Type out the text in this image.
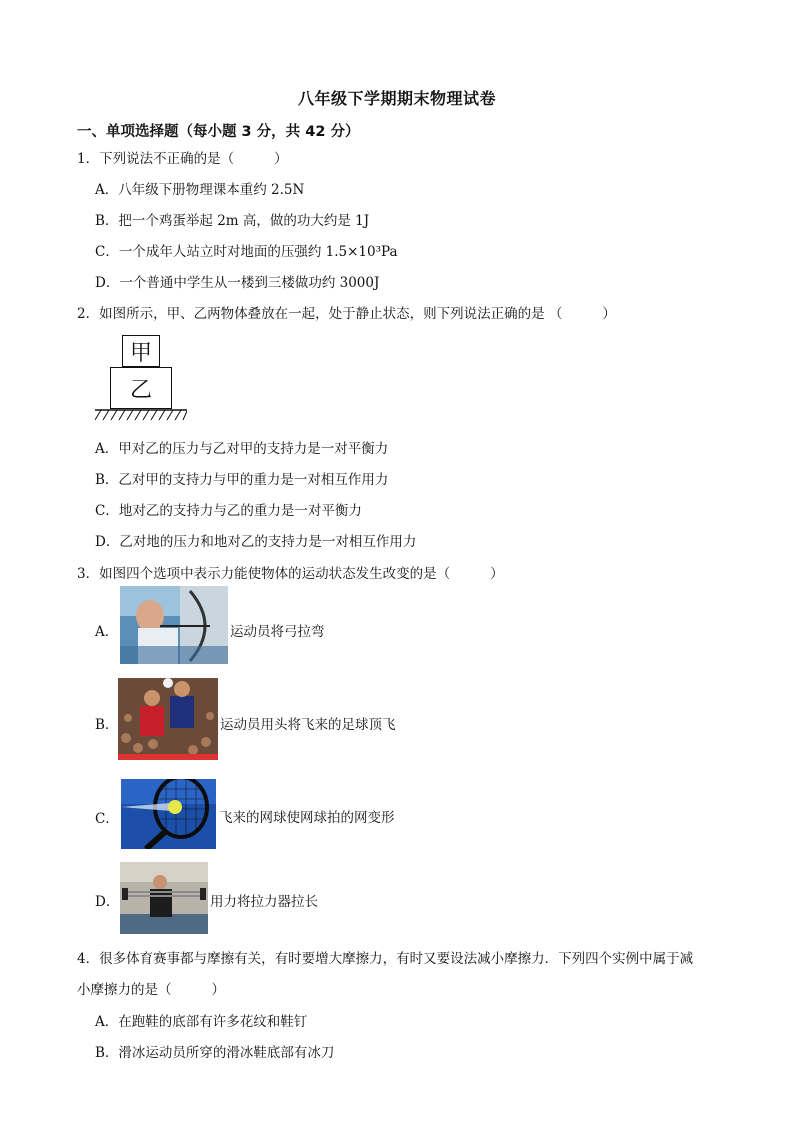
八年级下学期期末物理试卷
一、单项选择题（每小题 3 分，共 42 分）
1．下列说法不正确的是（	）
A．八年级下册物理课本重约 2.5N
B．把一个鸡蛋举起 2m 高，做的功大约是 1J
C．一个成年人站立时对地面的压强约 1.5×10³Pa
D．一个普通中学生从一楼到三楼做功约 3000J
2．如图所示，甲、乙两物体叠放在一起，处于静止状态，则下列说法正确的是 （	）
甲
乙
A．甲对乙的压力与乙对甲的支持力是一对平衡力
B．乙对甲的支持力与甲的重力是一对相互作用力
C．地对乙的支持力与乙的重力是一对平衡力
D．乙对地的压力和地对乙的支持力是一对相互作用力
3．如图四个选项中表示力能使物体的运动状态发生改变的是（	）
A．	运动员将弓拉弯
B．	运动员用头将飞来的足球顶飞
C．	飞来的网球使网球拍的网变形
D．	用力将拉力器拉长
4．很多体育赛事都与摩擦有关，有时要增大摩擦力，有时又要设法减小摩擦力．下列四个实例中属于减
小摩擦力的是（	）
A．在跑鞋的底部有许多花纹和鞋钉
B．滑冰运动员所穿的滑冰鞋底部有冰刀
